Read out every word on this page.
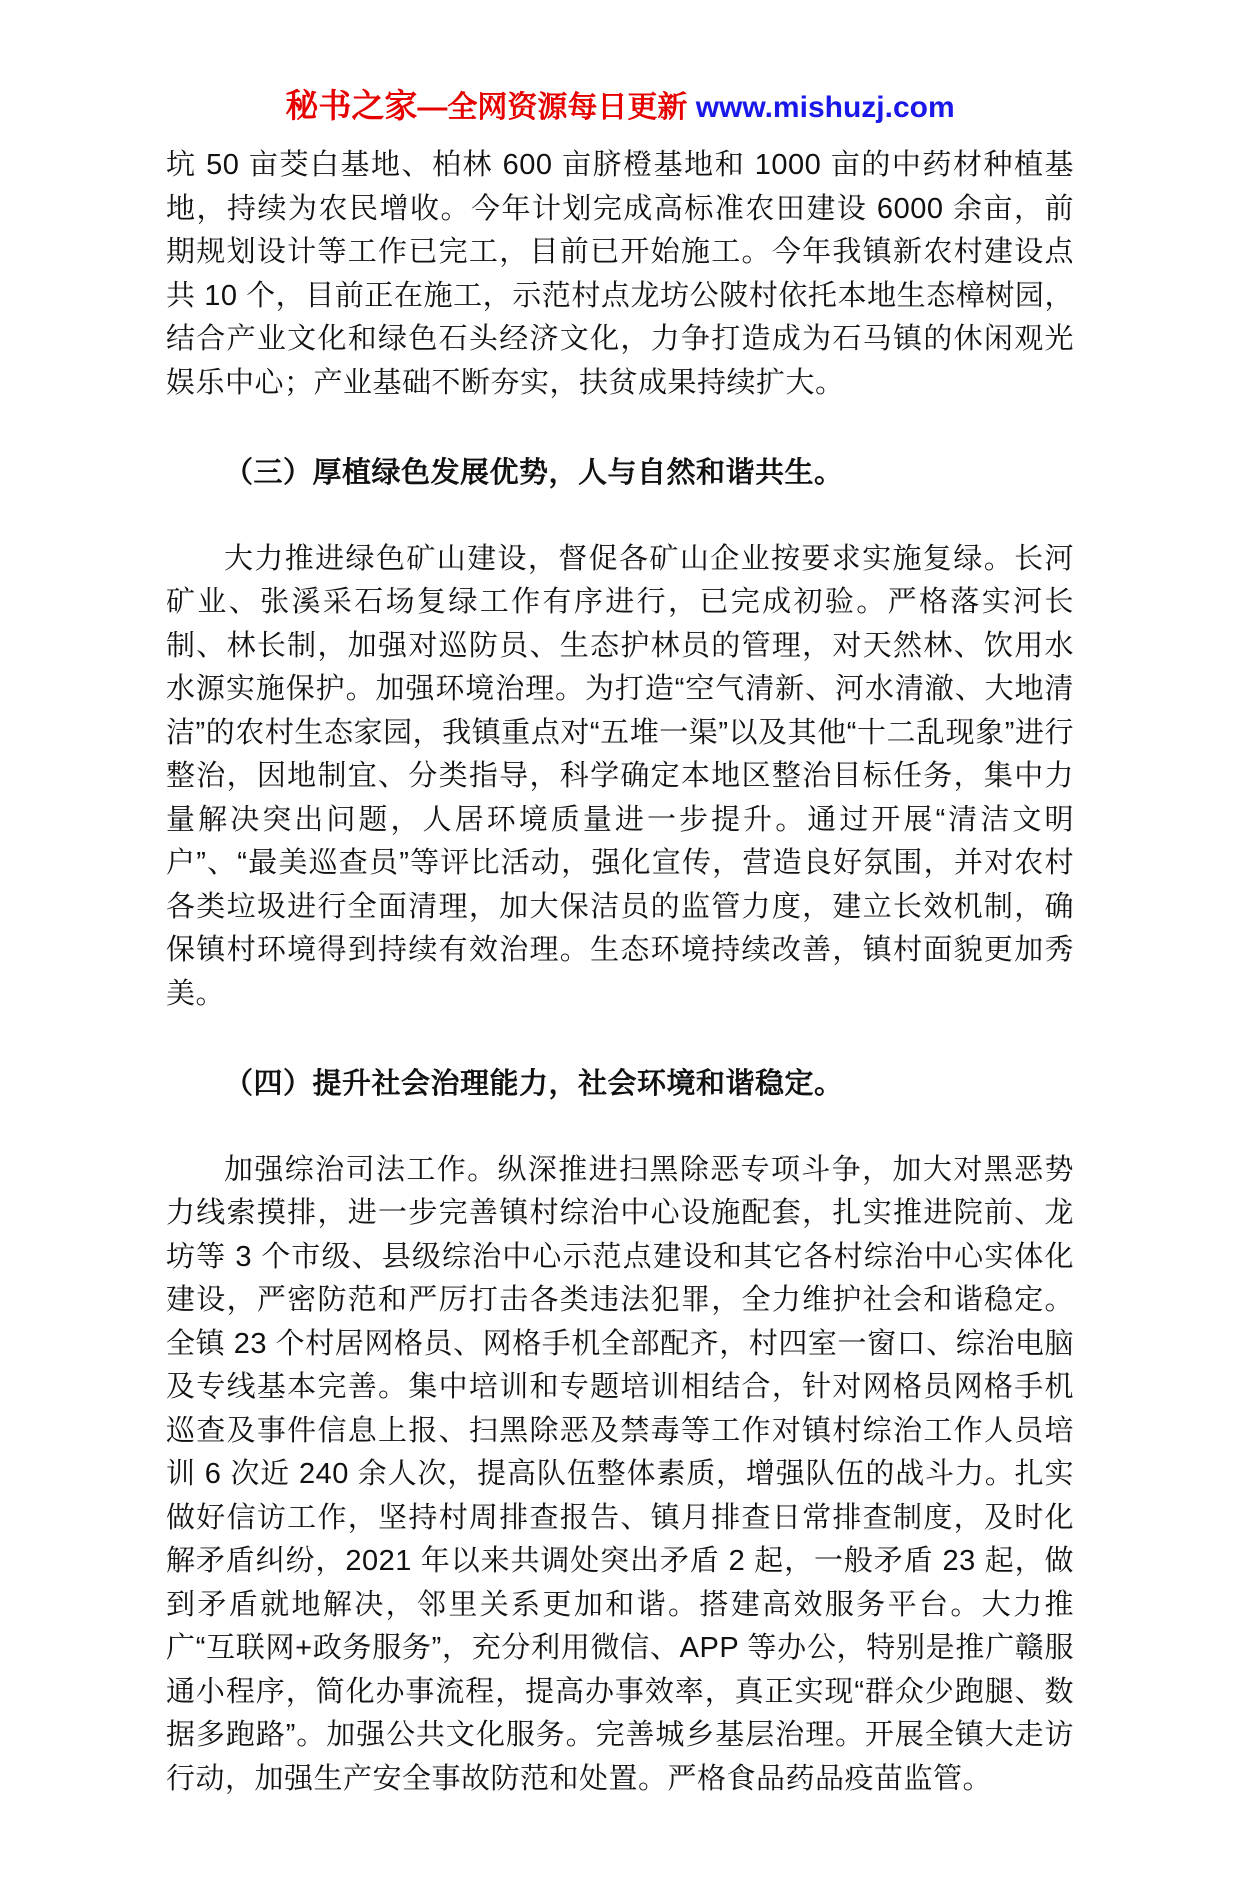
秘书之家—全网资源每日更新 www.mishuzj.com

坑 50 亩茭白基地、柏林 600 亩脐橙基地和 1000 亩的中药材种植基地，持续为农民增收。今年计划完成高标准农田建设 6000 余亩，前期规划设计等工作已完工，目前已开始施工。今年我镇新农村建设点共 10 个，目前正在施工，示范村点龙坊公陂村依托本地生态樟树园，结合产业文化和绿色石头经济文化，力争打造成为石马镇的休闲观光娱乐中心；产业基础不断夯实，扶贫成果持续扩大。

（三）厚植绿色发展优势，人与自然和谐共生。

大力推进绿色矿山建设，督促各矿山企业按要求实施复绿。长河矿业、张溪采石场复绿工作有序进行，已完成初验。严格落实河长制、林长制，加强对巡防员、生态护林员的管理，对天然林、饮用水水源实施保护。加强环境治理。为打造“空气清新、河水清澈、大地清洁”的农村生态家园，我镇重点对“五堆一渠”以及其他“十二乱现象”进行整治，因地制宜、分类指导，科学确定本地区整治目标任务，集中力量解决突出问题，人居环境质量进一步提升。通过开展“清洁文明户”、“最美巡查员”等评比活动，强化宣传，营造良好氛围，并对农村各类垃圾进行全面清理，加大保洁员的监管力度，建立长效机制，确保镇村环境得到持续有效治理。生态环境持续改善，镇村面貌更加秀美。

（四）提升社会治理能力，社会环境和谐稳定。

加强综治司法工作。纵深推进扫黑除恶专项斗争，加大对黑恶势力线索摸排，进一步完善镇村综治中心设施配套，扎实推进院前、龙坊等 3 个市级、县级综治中心示范点建设和其它各村综治中心实体化建设，严密防范和严厉打击各类违法犯罪，全力维护社会和谐稳定。全镇 23 个村居网格员、网格手机全部配齐，村四室一窗口、综治电脑及专线基本完善。集中培训和专题培训相结合，针对网格员网格手机巡查及事件信息上报、扫黑除恶及禁毒等工作对镇村综治工作人员培训 6 次近 240 余人次，提高队伍整体素质，增强队伍的战斗力。扎实做好信访工作，坚持村周排查报告、镇月排查日常排查制度，及时化解矛盾纠纷，2021 年以来共调处突出矛盾 2 起，一般矛盾 23 起，做到矛盾就地解决，邻里关系更加和谐。搭建高效服务平台。大力推广“互联网+政务服务”，充分利用微信、APP 等办公，特别是推广赣服通小程序，简化办事流程，提高办事效率，真正实现“群众少跑腿、数据多跑路”。加强公共文化服务。完善城乡基层治理。开展全镇大走访行动，加强生产安全事故防范和处置。严格食品药品疫苗监管。
